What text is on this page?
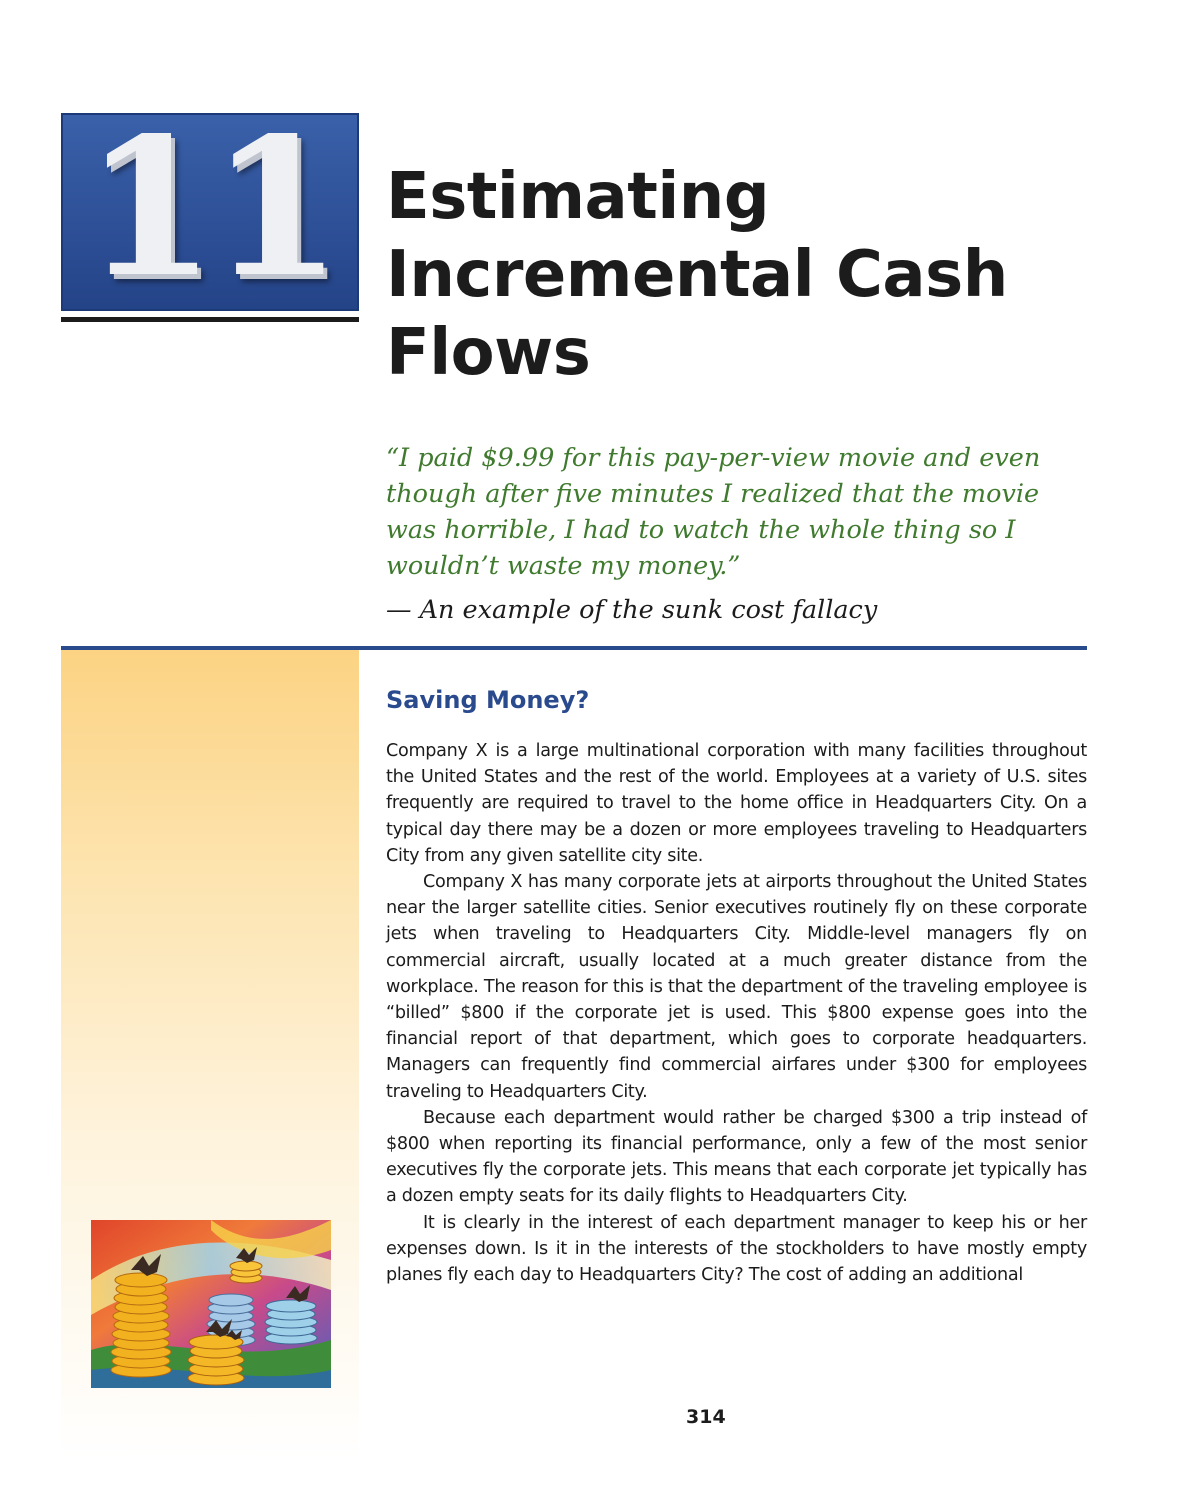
11 Estimating Incremental Cash Flows

“I paid $9.99 for this pay-per-view movie and even though after five minutes I realized that the movie was horrible, I had to watch the whole thing so I wouldn’t waste my money.”

— An example of the sunk cost fallacy

Saving Money?

Company X is a large multinational corporation with many facilities throughout the United States and the rest of the world. Employees at a variety of U.S. sites frequently are required to travel to the home office in Headquarters City. On a typical day there may be a dozen or more employees traveling to Headquarters City from any given satellite city site.

Company X has many corporate jets at airports throughout the United States near the larger satellite cities. Senior executives routinely fly on these corporate jets when traveling to Headquarters City. Middle-level managers fly on commercial aircraft, usually located at a much greater distance from the workplace. The reason for this is that the department of the traveling employee is “billed” $800 if the corporate jet is used. This $800 expense goes into the financial report of that department, which goes to corporate headquarters. Managers can frequently find commercial airfares under $300 for employees traveling to Headquarters City.

Because each department would rather be charged $300 a trip instead of $800 when reporting its financial performance, only a few of the most senior executives fly the corporate jets. This means that each corporate jet typically has a dozen empty seats for its daily flights to Headquarters City.

It is clearly in the interest of each department manager to keep his or her expenses down. Is it in the interests of the stockholders to have mostly empty planes fly each day to Headquarters City? The cost of adding an additional

314
